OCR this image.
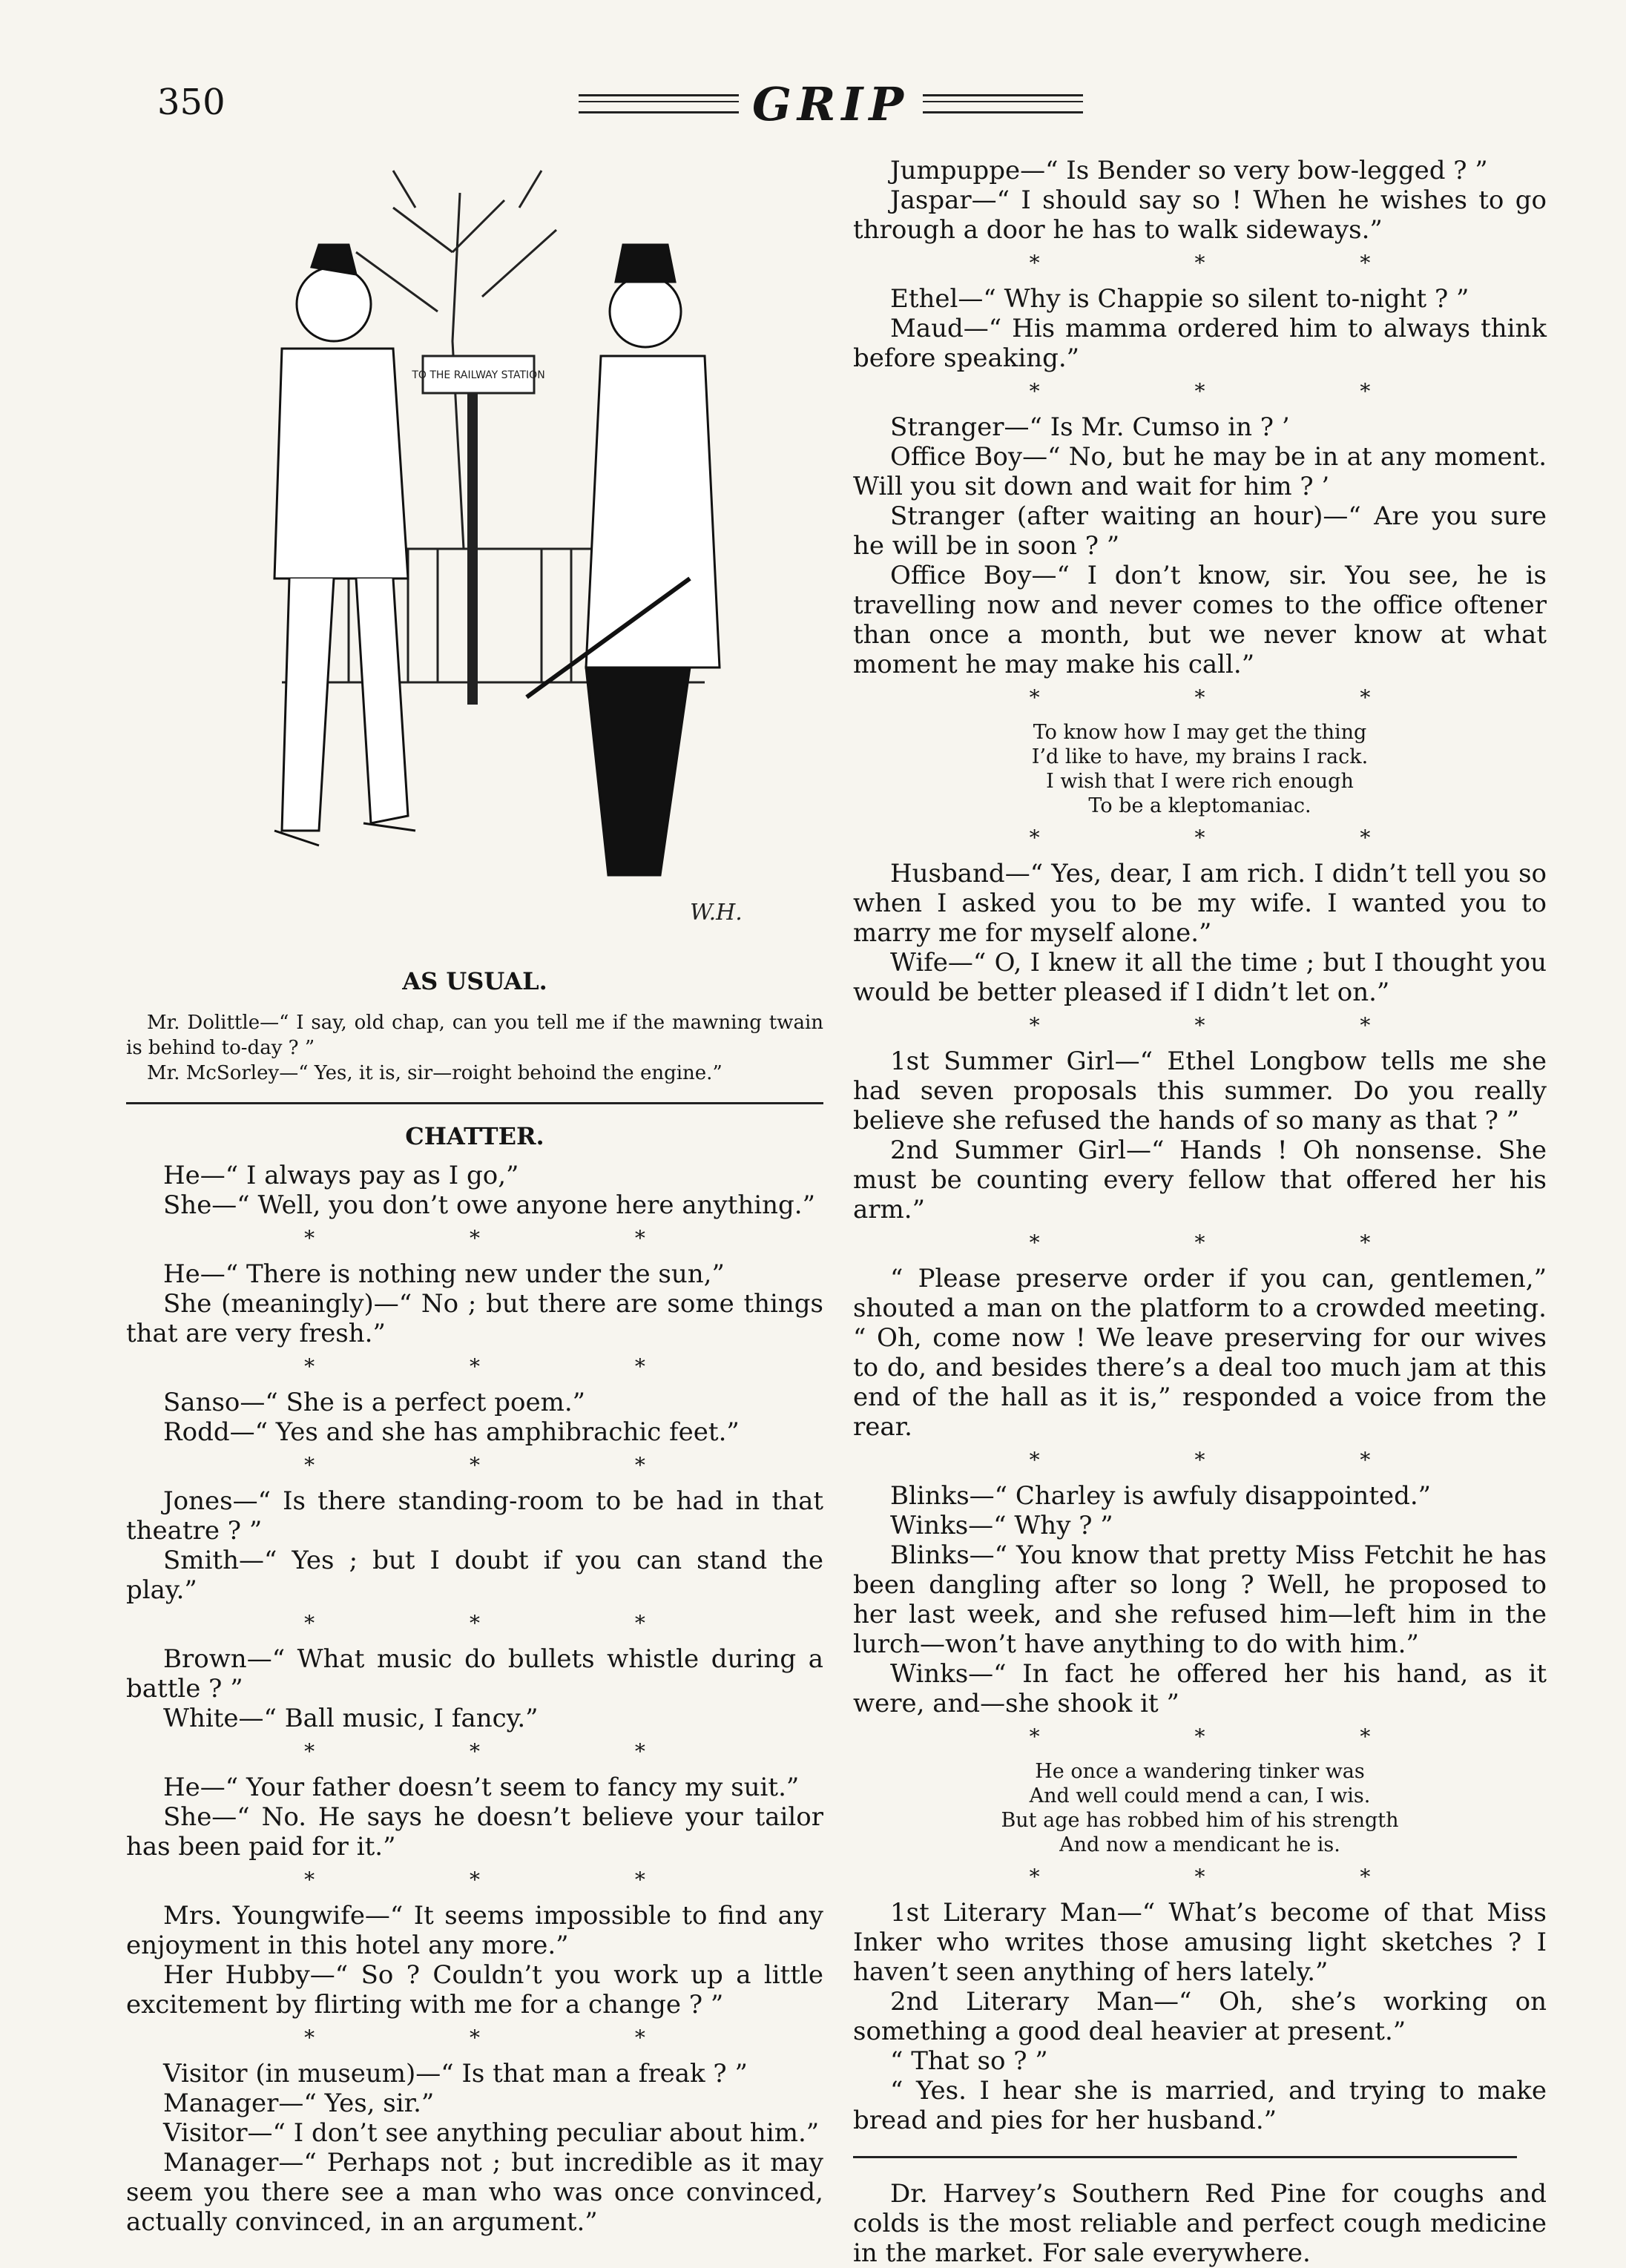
350	GRIP
TO THE RAILWAY STATION
W.H.
AS USUAL.

Mr. Dolittle—“ I say, old chap, can you tell me if the mawning twain is behind to-day ? ”

Mr. McSorley—“ Yes, it is, sir—roight behoind the engine.”

CHATTER.

He—“ I always pay as I go,”

She—“ Well, you don’t owe anyone here anything.”

* * *

He—“ There is nothing new under the sun,”

She (meaningly)—“ No ; but there are some things that are very fresh.”

* * *

Sanso—“ She is a perfect poem.”

Rodd—“ Yes and she has amphibrachic feet.”

* * *

Jones—“ Is there standing-room to be had in that theatre ? ”

Smith—“ Yes ; but I doubt if you can stand the play.”

* * *

Brown—“ What music do bullets whistle during a battle ? ”

White—“ Ball music, I fancy.”

* * *

He—“ Your father doesn’t seem to fancy my suit.”

She—“ No. He says he doesn’t believe your tailor has been paid for it.”

* * *

Mrs. Youngwife—“ It seems impossible to find any enjoyment in this hotel any more.”

Her Hubby—“ So ? Couldn’t you work up a little excitement by flirting with me for a change ? ”

* * *

Visitor (in museum)—“ Is that man a freak ? ”

Manager—“ Yes, sir.”

Visitor—“ I don’t see anything peculiar about him.”

Manager—“ Perhaps not ; but incredible as it may seem you there see a man who was once convinced, actually convinced, in an argument.”

Jumpuppe—“ Is Bender so very bow-legged ? ”

Jaspar—“ I should say so ! When he wishes to go through a door he has to walk sideways.”

* * *

Ethel—“ Why is Chappie so silent to-night ? ”

Maud—“ His mamma ordered him to always think before speaking.”

* * *

Stranger—“ Is Mr. Cumso in ? ’

Office Boy—“ No, but he may be in at any moment. Will you sit down and wait for him ? ’

Stranger (after waiting an hour)—“ Are you sure he will be in soon ? ”

Office Boy—“ I don’t know, sir. You see, he is travelling now and never comes to the office oftener than once a month, but we never know at what moment he may make his call.”

* * *
To know how I may get the thing
I’d like to have, my brains I rack.
I wish that I were rich enough
To be a kleptomaniac.
* * *

Husband—“ Yes, dear, I am rich. I didn’t tell you so when I asked you to be my wife. I wanted you to marry me for myself alone.”

Wife—“ O, I knew it all the time ; but I thought you would be better pleased if I didn’t let on.”

* * *

1st Summer Girl—“ Ethel Longbow tells me she had seven proposals this summer. Do you really believe she refused the hands of so many as that ? ”

2nd Summer Girl—“ Hands ! Oh nonsense. She must be counting every fellow that offered her his arm.”

* * *

“ Please preserve order if you can, gentlemen,” shouted a man on the platform to a crowded meeting. “ Oh, come now ! We leave preserving for our wives to do, and besides there’s a deal too much jam at this end of the hall as it is,” responded a voice from the rear.

* * *

Blinks—“ Charley is awfuly disappointed.”

Winks—“ Why ? ”

Blinks—“ You know that pretty Miss Fetchit he has been dangling after so long ? Well, he proposed to her last week, and she refused him—left him in the lurch—won’t have anything to do with him.”

Winks—“ In fact he offered her his hand, as it were, and—she shook it ”

* * *
He once a wandering tinker was
And well could mend a can, I wis.
But age has robbed him of his strength
And now a mendicant he is.
* * *

1st Literary Man—“ What’s become of that Miss Inker who writes those amusing light sketches ? I haven’t seen anything of hers lately.”

2nd Literary Man—“ Oh, she’s working on something a good deal heavier at present.”

“ That so ? ”

“ Yes. I hear she is married, and trying to make bread and pies for her husband.”

Dr. Harvey’s Southern Red Pine for coughs and colds is the most reliable and perfect cough medicine in the market. For sale everywhere.
